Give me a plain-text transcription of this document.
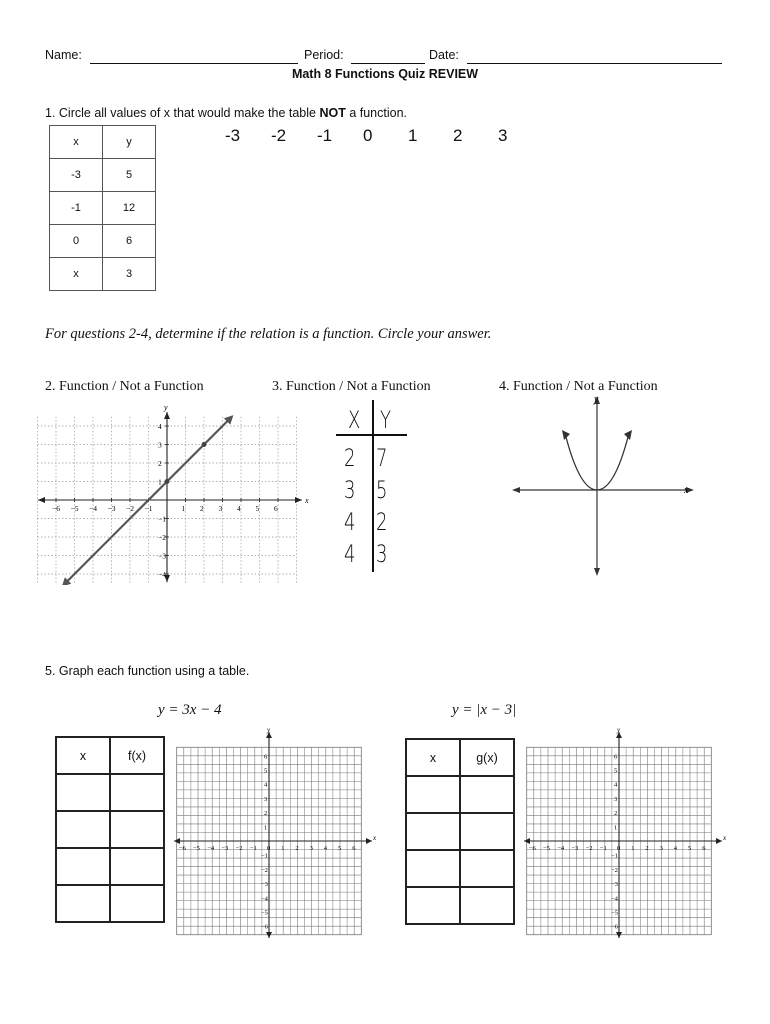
Name:	Period:	Date:
Math 8 Functions Quiz REVIEW
1. Circle all values of x that would make the table NOT a function.
x	y
-3	5
-1	12
0	6
x	3
-3 -2 -1 0 1 2 3
For questions 2-4, determine if the relation is a function. Circle your answer.
2. Function / Not a Function	3. Function / Not a Function	4. Function / Not a Function
x
y
−6 −5 −4 −3 −2 −1	1 2 3 4 5 6
4
3
2
1
−1
−2
−3
−4
X Y
2 7
3 5
4 2
4 3
x
y
5. Graph each function using a table.
y = 3x − 4	y = |x − 3|
x	f(x)

		x	g(x)

x
y
−6 −5 −4 −3 −2 −1 0 1 2 3 4 5 6
6
5
4
3
2
1
−1
−2
−3
−4
−5
−6
x
y
−6 −5 −4 −3 −2 −1 0 1 2 3 4 5 6
6
5
4
3
2
1
−1
−2
−3
−4
−5
−6
